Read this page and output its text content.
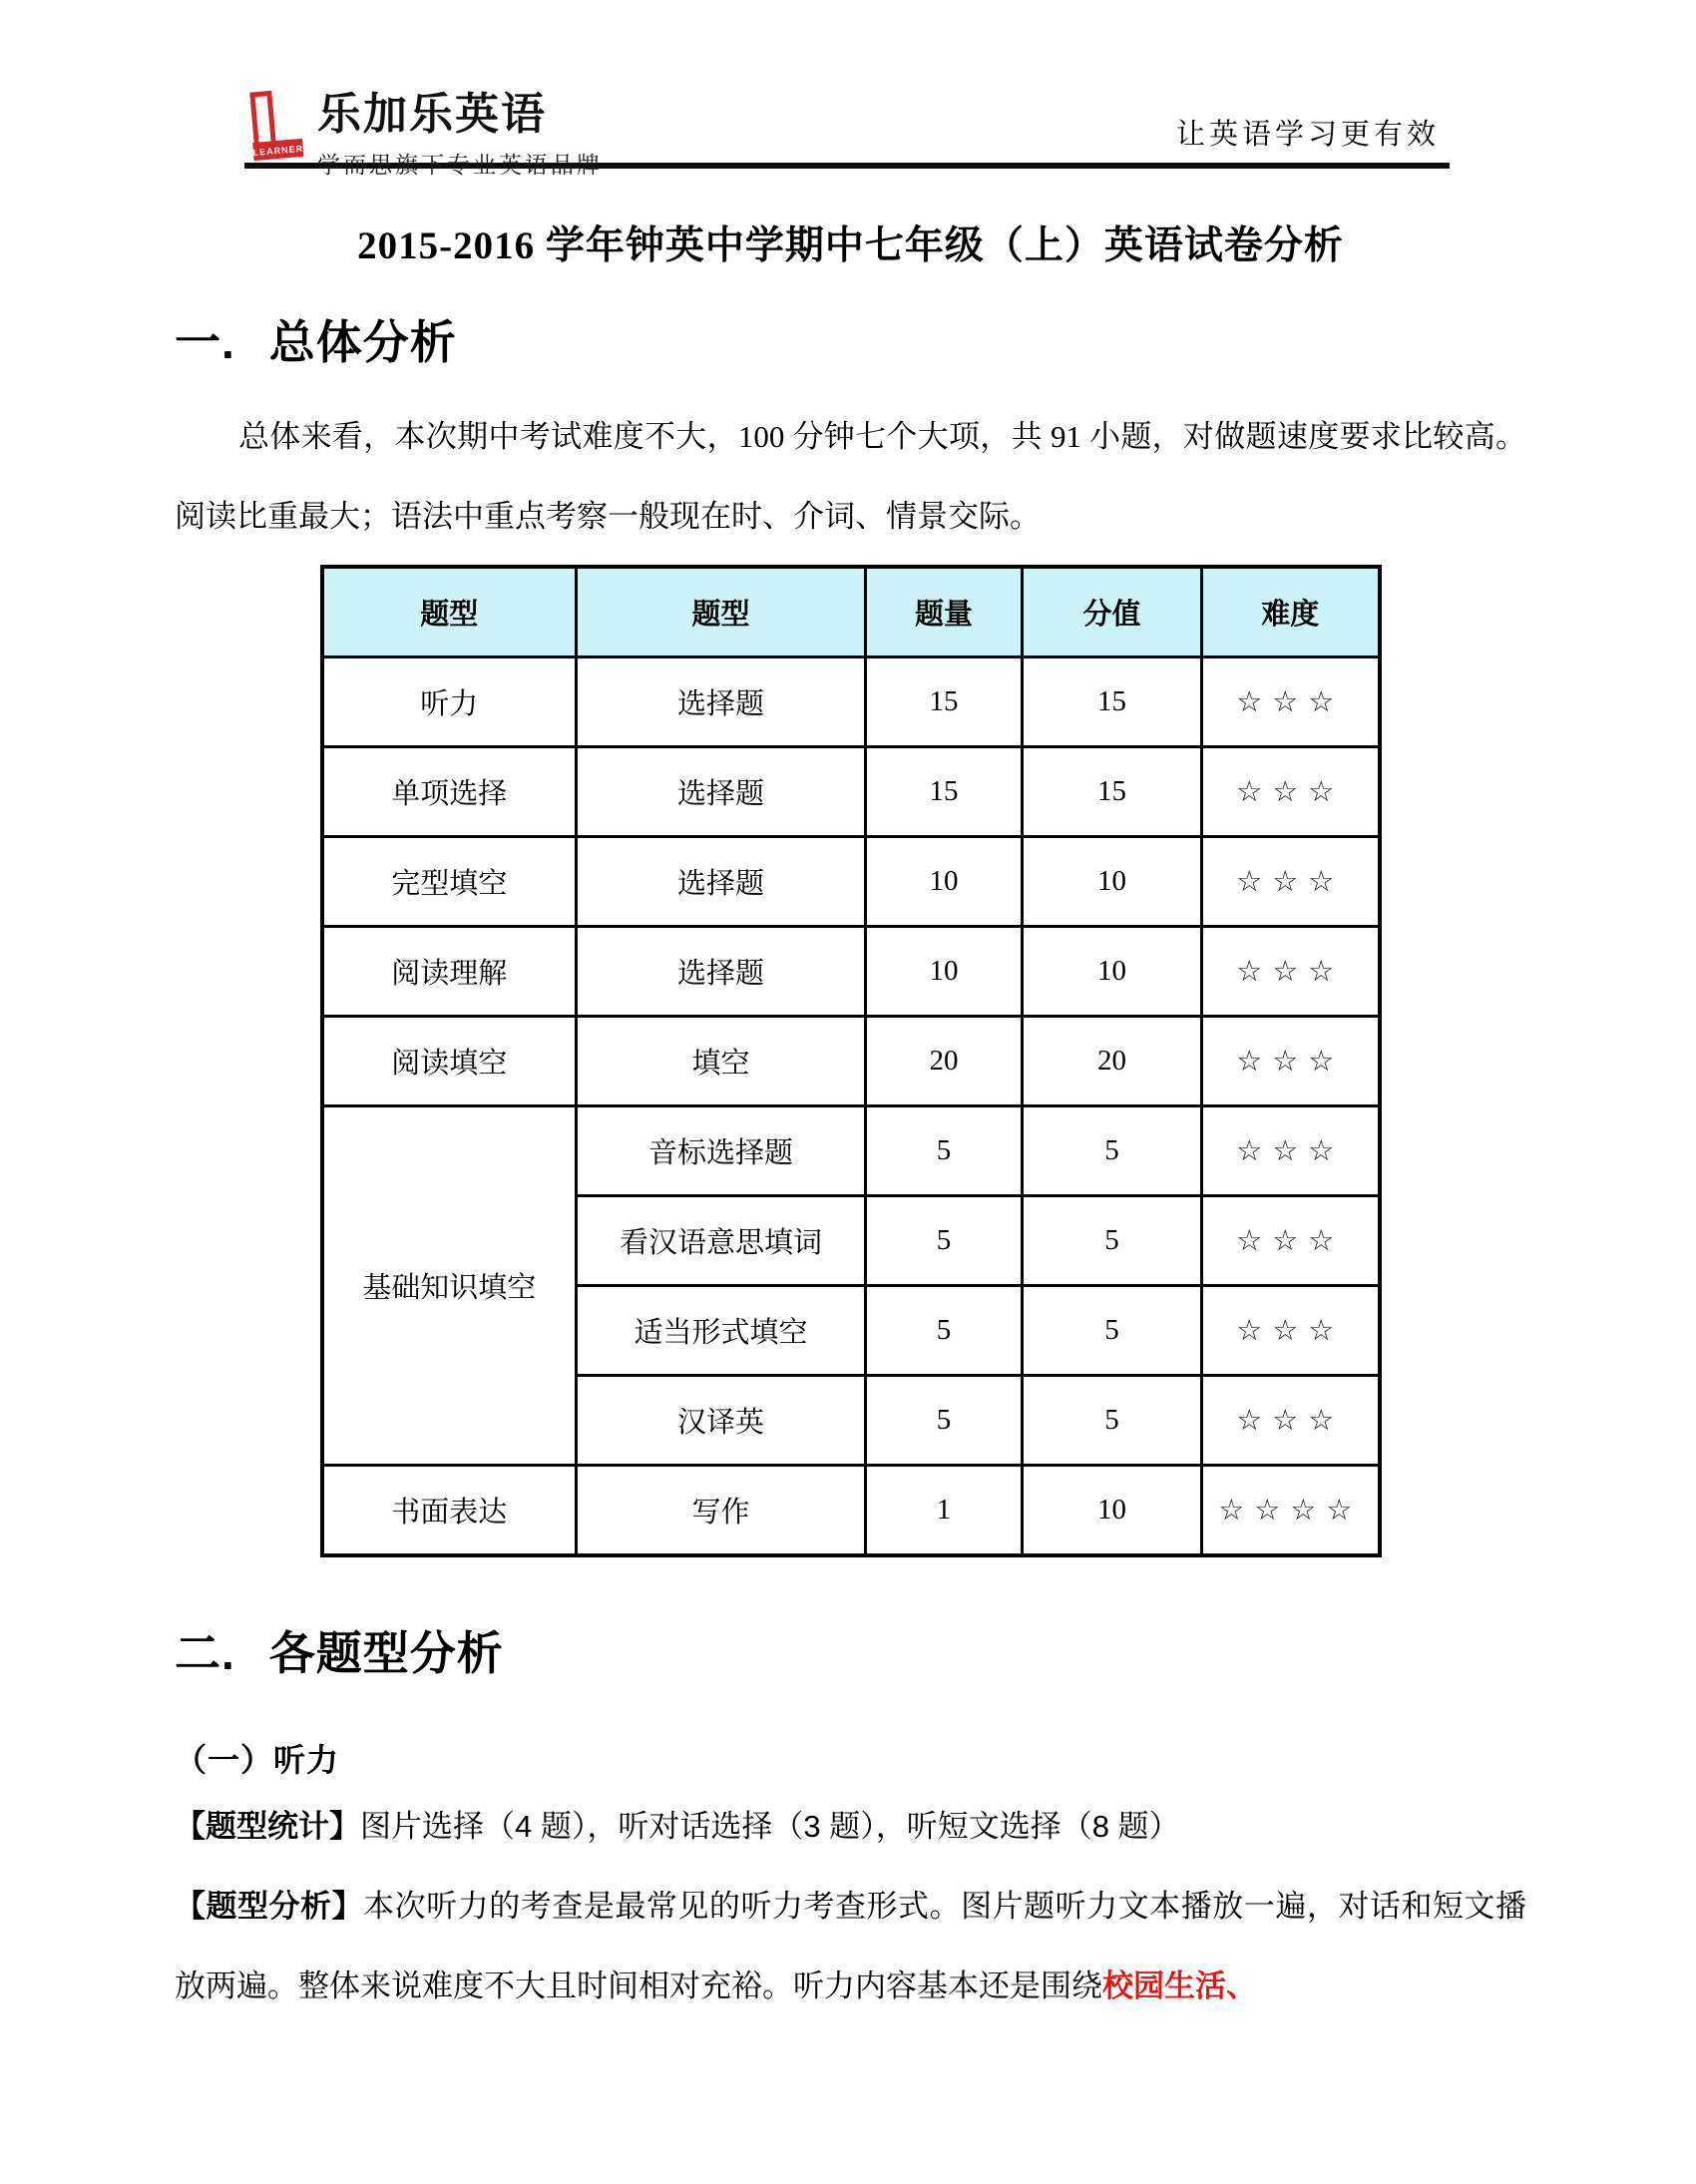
LEARNER
乐加乐英语
学而思旗下专业英语品牌
让英语学习更有效
2015-2016 学年钟英中学期中七年级（上）英语试卷分析
一. 总体分析

总体来看，本次期中考试难度不大，100 分钟七个大项，共 91 小题，对做题速度要求比较高。阅读比重最大；语法中重点考察一般现在时、介词、情景交际。

题型	题型	题量	分值	难度
听力	选择题	15	15	☆☆☆
单项选择	选择题	15	15	☆☆☆
完型填空	选择题	10	10	☆☆☆
阅读理解	选择题	10	10	☆☆☆
阅读填空	填空	20	20	☆☆☆
基础知识填空	音标选择题	5	5	☆☆☆
	看汉语意思填词	5	5	☆☆☆
	适当形式填空	5	5	☆☆☆
	汉译英	5	5	☆☆☆
书面表达	写作	1	10	☆☆☆☆
二. 各题型分析
（一）听力

【题型统计】图片选择（4 题），听对话选择（3 题），听短文选择（8 题）

【题型分析】本次听力的考查是最常见的听力考查形式。图片题听力文本播放一遍，对话和短文播放两遍。整体来说难度不大且时间相对充裕。听力内容基本还是围绕校园生活、
